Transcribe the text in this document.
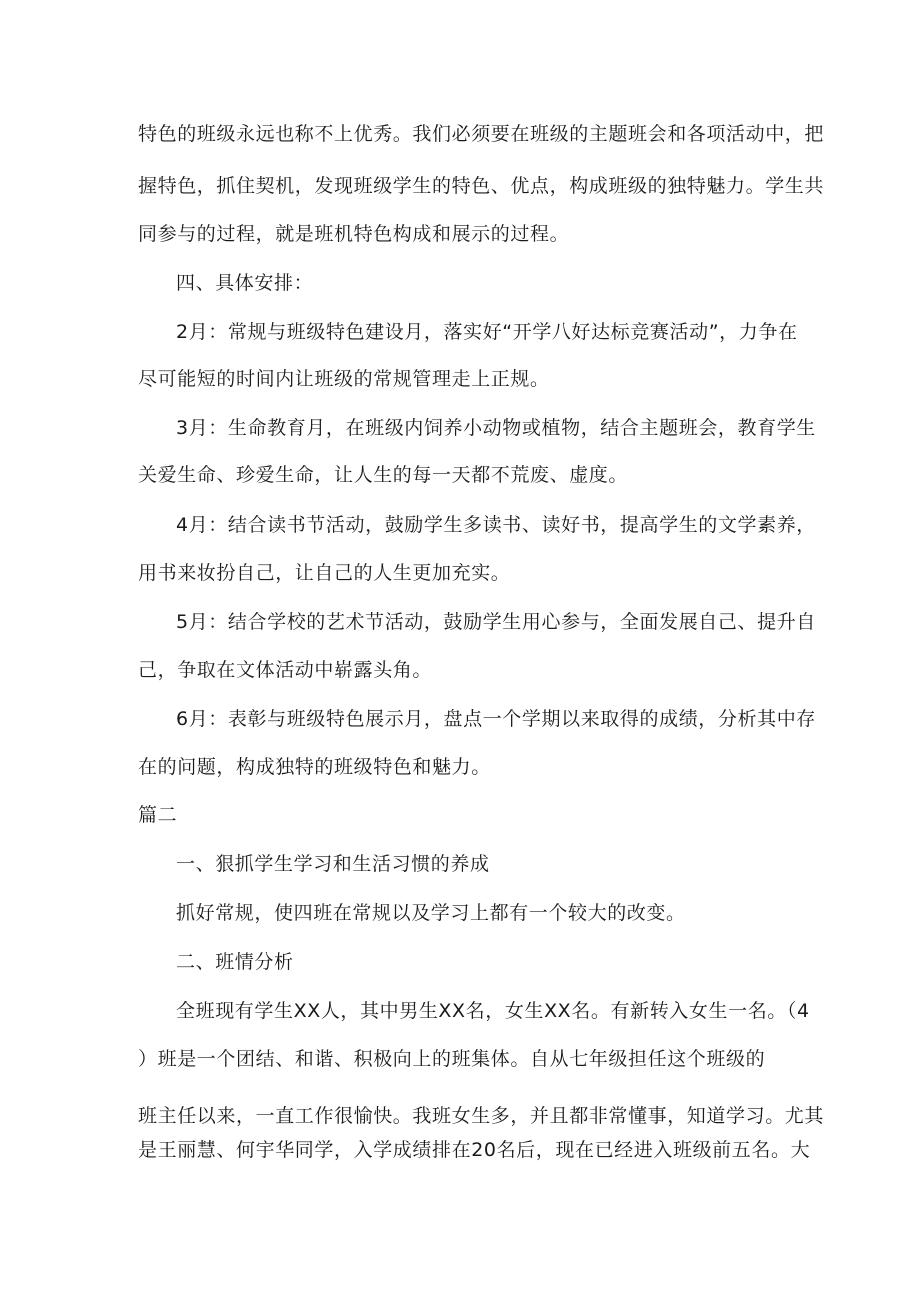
特色的班级永远也称不上优秀。我们必须要在班级的主题班会和各项活动中，把
握特色，抓住契机，发现班级学生的特色、优点，构成班级的独特魅力。学生共
同参与的过程，就是班机特色构成和展示的过程。
四、具体安排：
2月：常规与班级特色建设月，落实好“开学八好达标竞赛活动”，力争在
尽可能短的时间内让班级的常规管理走上正规。
3月：生命教育月，在班级内饲养小动物或植物，结合主题班会，教育学生
关爱生命、珍爱生命，让人生的每一天都不荒废、虚度。
4月：结合读书节活动，鼓励学生多读书、读好书，提高学生的文学素养，
用书来妆扮自己，让自己的人生更加充实。
5月：结合学校的艺术节活动，鼓励学生用心参与，全面发展自己、提升自
己，争取在文体活动中崭露头角。
6月：表彰与班级特色展示月，盘点一个学期以来取得的成绩，分析其中存
在的问题，构成独特的班级特色和魅力。
篇二
一、狠抓学生学习和生活习惯的养成
抓好常规，使四班在常规以及学习上都有一个较大的改变。
二、班情分析
全班现有学生XX人，其中男生XX名，女生XX名。有新转入女生一名。（4
）班是一个团结、和谐、积极向上的班集体。自从七年级担任这个班级的
班主任以来，一直工作很愉快。我班女生多，并且都非常懂事，知道学习。尤其
是王丽慧、何宇华同学，入学成绩排在20名后，现在已经进入班级前五名。大
